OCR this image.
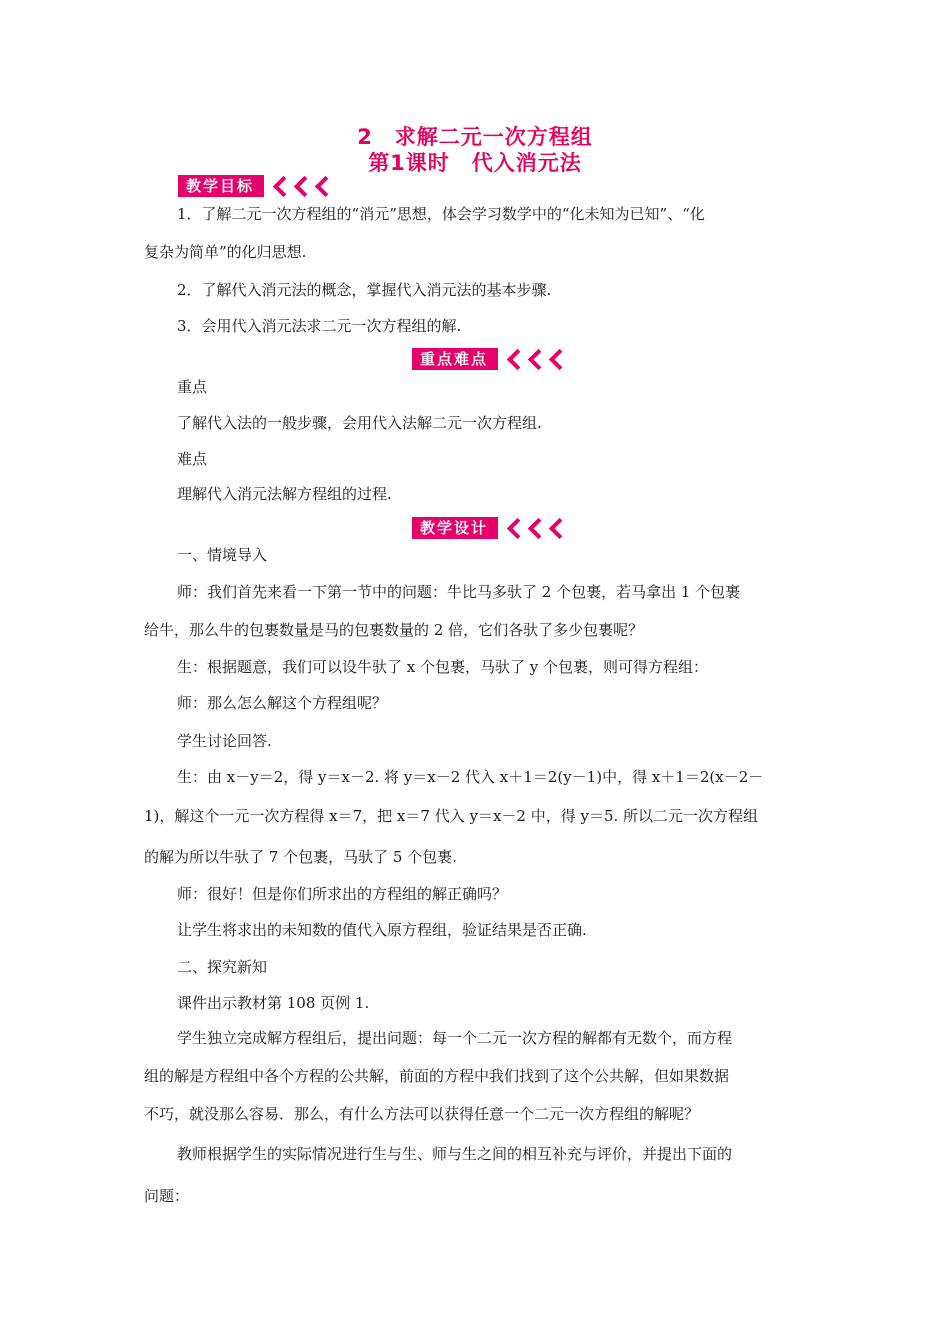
2　求解二元一次方程组
第1课时　代入消元法
教学目标
1．了解二元一次方程组的“消元”思想，体会学习数学中的“化未知为已知”、“化
复杂为简单”的化归思想.
2．了解代入消元法的概念，掌握代入消元法的基本步骤.
3．会用代入消元法求二元一次方程组的解.
重点难点
重点
了解代入法的一般步骤，会用代入法解二元一次方程组.
难点
理解代入消元法解方程组的过程.
教学设计
一、情境导入
师：我们首先来看一下第一节中的问题：牛比马多驮了 2 个包裹，若马拿出 1 个包裹
给牛，那么牛的包裹数量是马的包裹数量的 2 倍，它们各驮了多少包裹呢？
生：根据题意，我们可以设牛驮了 x 个包裹，马驮了 y 个包裹，则可得方程组：
师：那么怎么解这个方程组呢？
学生讨论回答.
生：由 x－y＝2，得 y＝x－2. 将 y＝x－2 代入 x＋1＝2(y－1)中，得 x＋1＝2(x－2－
1)，解这个一元一次方程得 x＝7，把 x＝7 代入 y＝x－2 中，得 y＝5. 所以二元一次方程组
的解为所以牛驮了 7 个包裹，马驮了 5 个包裹.
师：很好！但是你们所求出的方程组的解正确吗？
让学生将求出的未知数的值代入原方程组，验证结果是否正确.
二、探究新知
课件出示教材第 108 页例 1.
学生独立完成解方程组后，提出问题：每一个二元一次方程的解都有无数个，而方程
组的解是方程组中各个方程的公共解，前面的方程中我们找到了这个公共解，但如果数据
不巧，就没那么容易．那么，有什么方法可以获得任意一个二元一次方程组的解呢？
教师根据学生的实际情况进行生与生、师与生之间的相互补充与评价，并提出下面的
问题：
